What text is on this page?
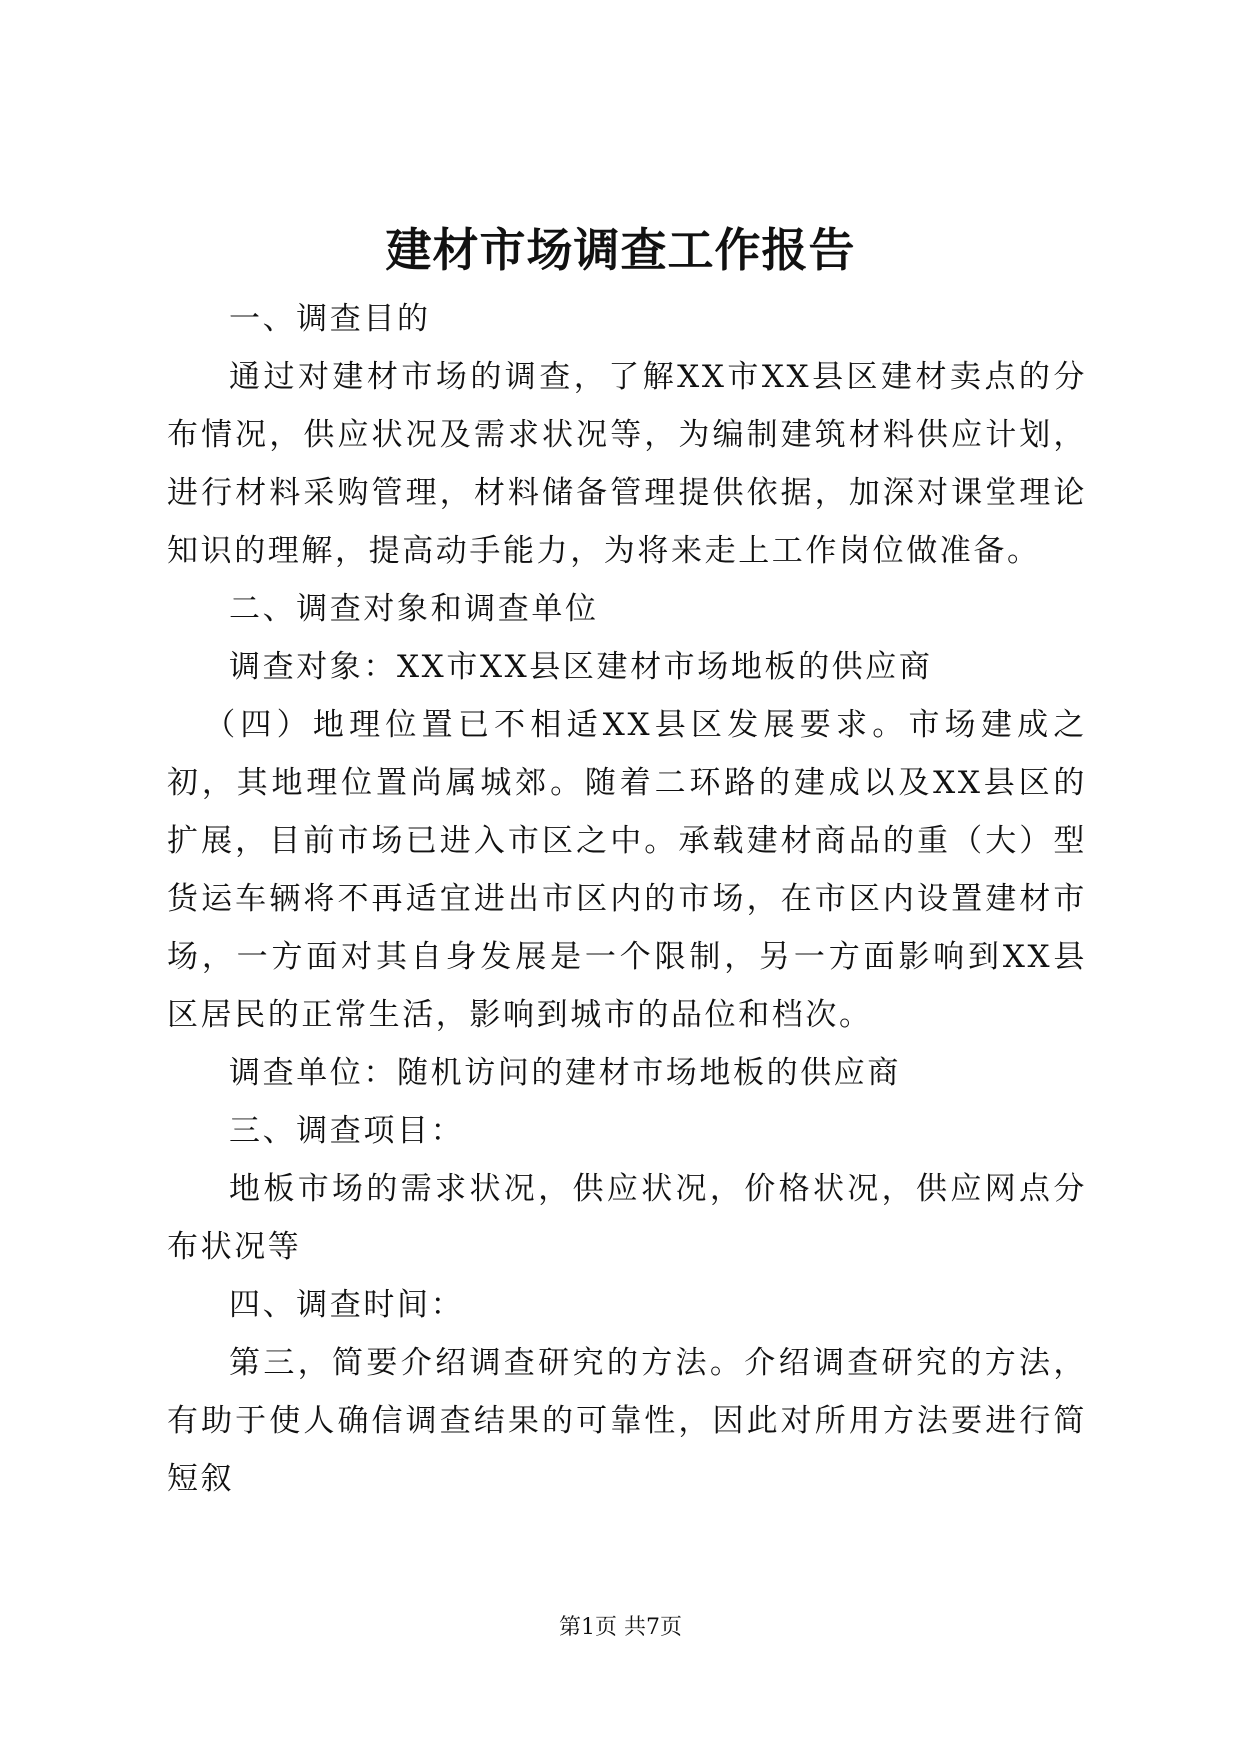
建材市场调查工作报告

一、调查目的

通过对建材市场的调查，了解XX市XX县区建材卖点的分布情况，供应状况及需求状况等，为编制建筑材料供应计划，进行材料采购管理，材料储备管理提供依据，加深对课堂理论知识的理解，提高动手能力，为将来走上工作岗位做准备。

二、调查对象和调查单位

调查对象：XX市XX县区建材市场地板的供应商

（四）地理位置已不相适XX县区发展要求。市场建成之初，其地理位置尚属城郊。随着二环路的建成以及XX县区的扩展，目前市场已进入市区之中。承载建材商品的重（大）型货运车辆将不再适宜进出市区内的市场，在市区内设置建材市场，一方面对其自身发展是一个限制，另一方面影响到XX县区居民的正常生活，影响到城市的品位和档次。

调查单位：随机访问的建材市场地板的供应商

三、调查项目：

地板市场的需求状况，供应状况，价格状况，供应网点分布状况等

四、调查时间：

第三，简要介绍调查研究的方法。介绍调查研究的方法，有助于使人确信调查结果的可靠性，因此对所用方法要进行简短叙

第1页 共7页
